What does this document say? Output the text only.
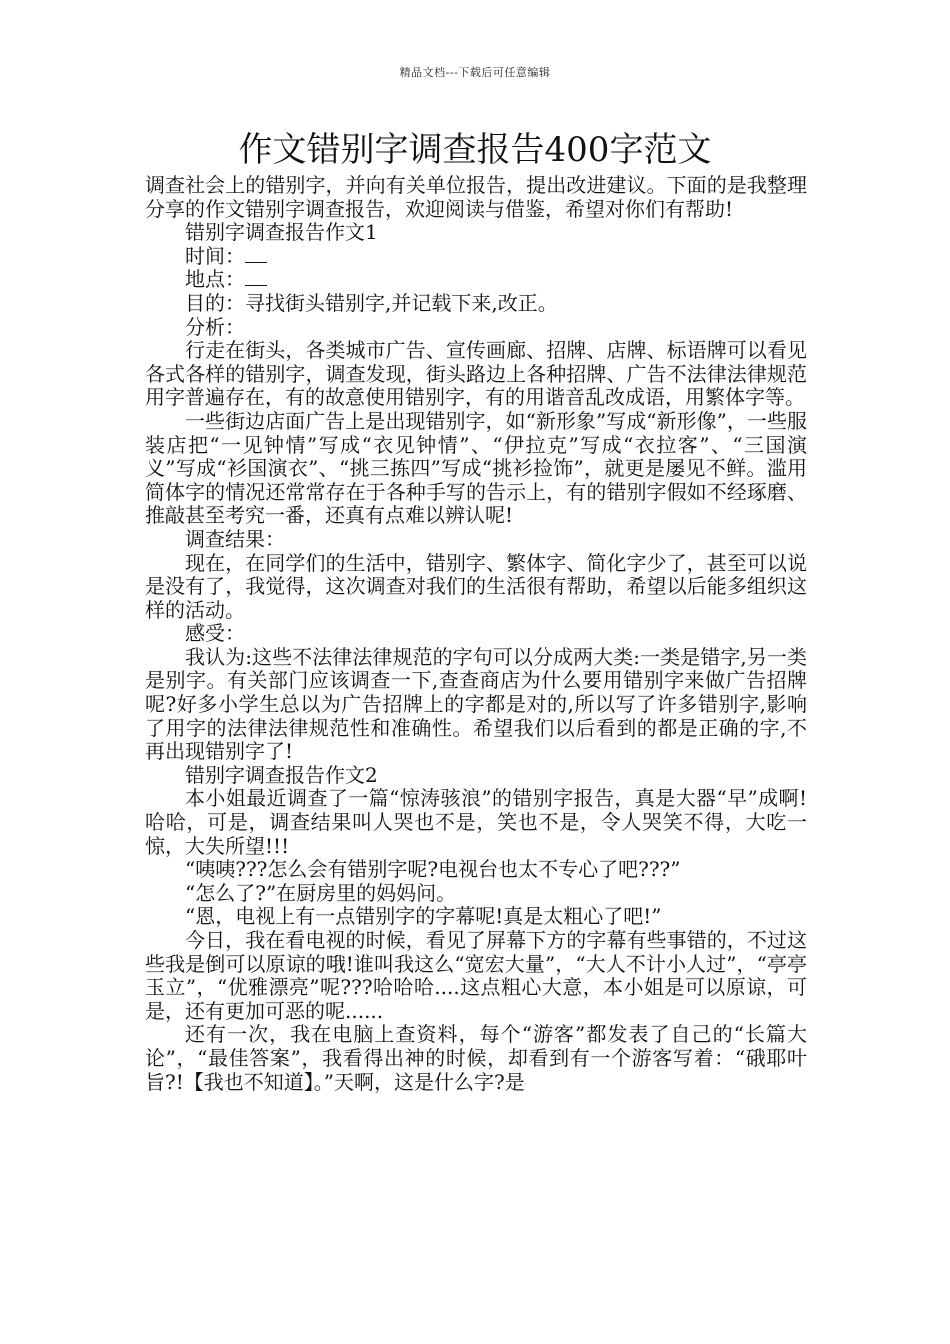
精品文档---下载后可任意编辑
作文错别字调查报告400字范文

调查社会上的错别字，并向有关单位报告，提出改进建议。下面的是我整理分享的作文错别字调查报告，欢迎阅读与借鉴，希望对你们有帮助!

错别字调查报告作文1

时间：

地点：

目的：寻找街头错别字,并记载下来,改正。

分析：

行走在街头，各类城市广告、宣传画廊、招牌、店牌、标语牌可以看见各式各样的错别字，调查发现，街头路边上各种招牌、广告不法律法律规范用字普遍存在，有的故意使用错别字，有的用谐音乱改成语，用繁体字等。

一些街边店面广告上是出现错别字，如“新形象”写成“新形像”，一些服装店把“一见钟情”写成“衣见钟情”、“伊拉克”写成“衣拉客”、“三国演义”写成“衫国演衣”、“挑三拣四”写成“挑衫捡饰”，就更是屡见不鲜。滥用简体字的情况还常常存在于各种手写的告示上，有的错别字假如不经琢磨、推敲甚至考究一番，还真有点难以辨认呢!

调查结果：

现在，在同学们的生活中，错别字、繁体字、简化字少了，甚至可以说是没有了，我觉得，这次调查对我们的生活很有帮助，希望以后能多组织这样的活动。

感受：

我认为:这些不法律法律规范的字句可以分成两大类:一类是错字,另一类是别字。有关部门应该调查一下,查查商店为什么要用错别字来做广告招牌呢?好多小学生总以为广告招牌上的字都是对的,所以写了许多错别字,影响了用字的法律法律规范性和准确性。希望我们以后看到的都是正确的字,不再出现错别字了!

错别字调查报告作文2

本小姐最近调查了一篇“惊涛骇浪”的错别字报告，真是大器“早”成啊!哈哈，可是，调查结果叫人哭也不是，笑也不是，令人哭笑不得，大吃一惊，大失所望!!!

“咦咦???怎么会有错别字呢?电视台也太不专心了吧???”

“怎么了?”在厨房里的妈妈问。

“恩，电视上有一点错别字的字幕呢!真是太粗心了吧!”

今日，我在看电视的时候，看见了屏幕下方的字幕有些事错的，不过这些我是倒可以原谅的哦!谁叫我这么“宽宏大量”，“大人不计小人过”，“亭亭玉立”，“优雅漂亮”呢???哈哈哈....这点粗心大意，本小姐是可以原谅，可是，还有更加可恶的呢......

还有一次，我在电脑上查资料，每个“游客”都发表了自己的“长篇大论”，“最佳答案”，我看得出神的时候，却看到有一个游客写着：“硪耶叶旨?!【我也不知道】。”天啊，这是什么字?是
